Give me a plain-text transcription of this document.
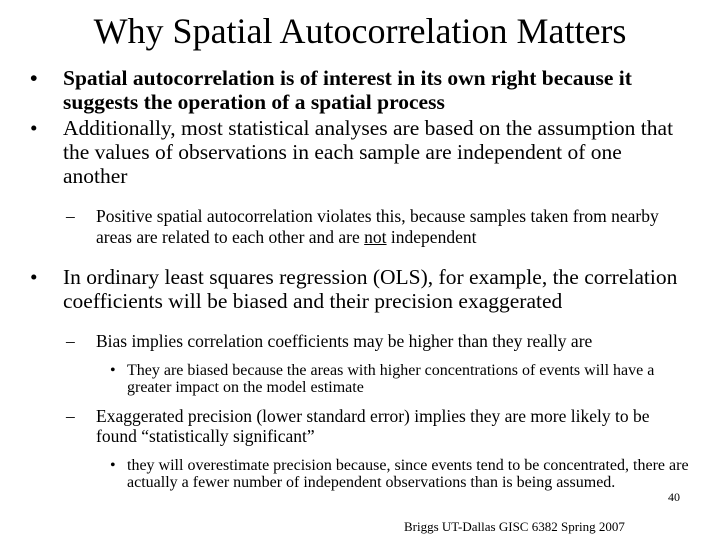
Why Spatial Autocorrelation Matters
• Spatial autocorrelation is of interest in its own right because it suggests the operation of a spatial process
• Additionally, most statistical analyses are based on the assumption that the values of observations in each sample are independent of one another
– Positive spatial autocorrelation violates this, because samples taken from nearby areas are related to each other and are not independent
• In ordinary least squares regression (OLS), for example, the correlation coefficients will be biased and their precision exaggerated
– Bias implies correlation coefficients may be higher than they really are
• They are biased because the areas with higher concentrations of events will have a greater impact on the model estimate
– Exaggerated precision (lower standard error) implies they are more likely to be found “statistically significant”
• they will overestimate precision because, since events tend to be concentrated, there are actually a fewer number of independent observations than is being assumed.
40
Briggs UT-Dallas GISC 6382 Spring 2007
